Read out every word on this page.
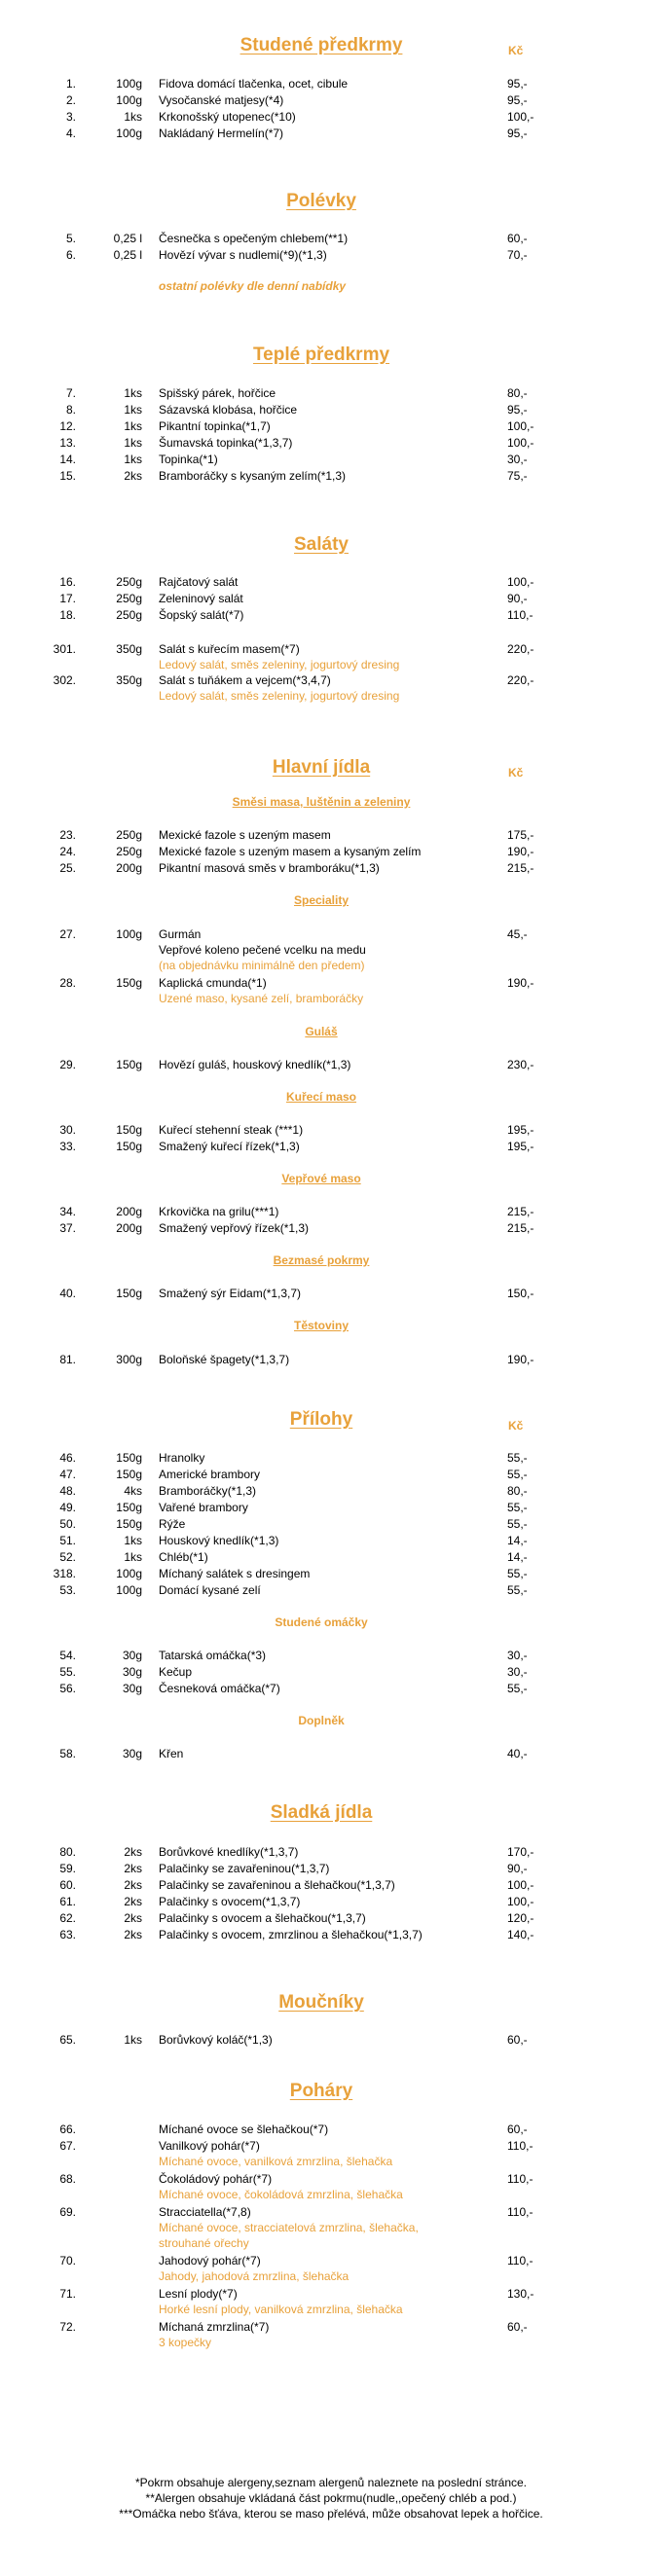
Studené předkrmy	Kč
1.	100g Fidova domácí tlačenka, ocet, cibule	95,-
2.	100g Vysočanské matjesy(*4)	95,-
3.	1ks Krkonošský utopenec(*10)	100,-
4.	100g Nakládaný Hermelín(*7)	95,-
Polévky
5.	0,25 l Česnečka s opečeným chlebem(**1)	60,-
6.	0,25 l Hovězí vývar s nudlemi(*9)(*1,3)	70,-
ostatní polévky dle denní nabídky
Teplé předkrmy
7.	1ks Spišský párek, hořčice	80,-
8.	1ks Sázavská klobása, hořčice	95,-
12.	1ks Pikantní topinka(*1,7)	100,-
13.	1ks Šumavská topinka(*1,3,7)	100,-
14.	1ks Topinka(*1)	30,-
15.	2ks Bramboráčky s kysaným zelím(*1,3)	75,-
Saláty
16.	250g Rajčatový salát	100,-
17.	250g Zeleninový salát	90,-
18.	250g Šopský salát(*7)	110,-
301.	350g Salát s kuřecím masem(*7)	220,-
Ledový salát, směs zeleniny, jogurtový dresing
302.	350g Salát s tuňákem a vejcem(*3,4,7)	220,-
Ledový salát, směs zeleniny, jogurtový dresing
Hlavní jídla	Kč
Směsi masa, luštěnin a zeleniny
23.	250g Mexické fazole s uzeným masem	175,-
24.	250g Mexické fazole s uzeným masem a kysaným zelím	190,-
25.	200g Pikantní masová směs v bramboráku(*1,3)	215,-
Speciality
27.	100g Gurmán	45,-
Vepřové koleno pečené vcelku na medu
(na objednávku minimálně den předem)
28.	150g Kaplická cmunda(*1)	190,-
Uzené maso, kysané zelí, bramboráčky
Guláš
29.	150g Hovězí guláš, houskový knedlík(*1,3)	230,-
Kuřecí maso
30.	150g Kuřecí stehenní steak (***1)	195,-
33.	150g Smažený kuřecí řízek(*1,3)	195,-
Vepřové maso
34.	200g Krkovička na grilu(***1)	215,-
37.	200g Smažený vepřový řízek(*1,3)	215,-
Bezmasé pokrmy
40.	150g Smažený sýr Eidam(*1,3,7)	150,-
Těstoviny
81.	300g Boloňské špagety(*1,3,7)	190,-
Přílohy	Kč
46.	150g Hranolky	55,-
47.	150g Americké brambory	55,-
48.	4ks Bramboráčky(*1,3)	80,-
49.	150g Vařené brambory	55,-
50.	150g Rýže	55,-
51.	1ks Houskový knedlík(*1,3)	14,-
52.	1ks Chléb(*1)	14,-
318.	100g Míchaný salátek s dresingem	55,-
53.	100g Domácí kysané zelí	55,-
Studené omáčky
54.	30g Tatarská omáčka(*3)	30,-
55.	30g Kečup	30,-
56.	30g Česneková omáčka(*7)	55,-
Doplněk
58.	30g Křen	40,-
Sladká jídla
80.	2ks Borůvkové knedlíky(*1,3,7)	170,-
59.	2ks Palačinky se zavařeninou(*1,3,7)	90,-
60.	2ks Palačinky se zavařeninou a šlehačkou(*1,3,7)	100,-
61.	2ks Palačinky s ovocem(*1,3,7)	100,-
62.	2ks Palačinky s ovocem a šlehačkou(*1,3,7)	120,-
63.	2ks Palačinky s ovocem, zmrzlinou a šlehačkou(*1,3,7)	140,-
Moučníky
65.	1ks Borůvkový koláč(*1,3)	60,-
Poháry
66.	Míchané ovoce se šlehačkou(*7)	60,-
67.	Vanilkový pohár(*7)	110,-
Míchané ovoce, vanilková zmrzlina, šlehačka
68.	Čokoládový pohár(*7)	110,-
Míchané ovoce, čokoládová zmrzlina, šlehačka
69.	Stracciatella(*7,8)	110,-
Míchané ovoce, stracciatelová zmrzlina, šlehačka,
strouhané ořechy
70.	Jahodový pohár(*7)	110,-
Jahody, jahodová zmrzlina, šlehačka
71.	Lesní plody(*7)	130,-
Horké lesní plody, vanilková zmrzlina, šlehačka
72.	Míchaná zmrzlina(*7)	60,-
3 kopečky
*Pokrm obsahuje alergeny,seznam alergenů naleznete na poslední stránce.
**Alergen obsahuje vkládaná část pokrmu(nudle,,opečený chléb a pod.)
***Omáčka nebo šťáva, kterou se maso přelévá, může obsahovat lepek a hořčice.
